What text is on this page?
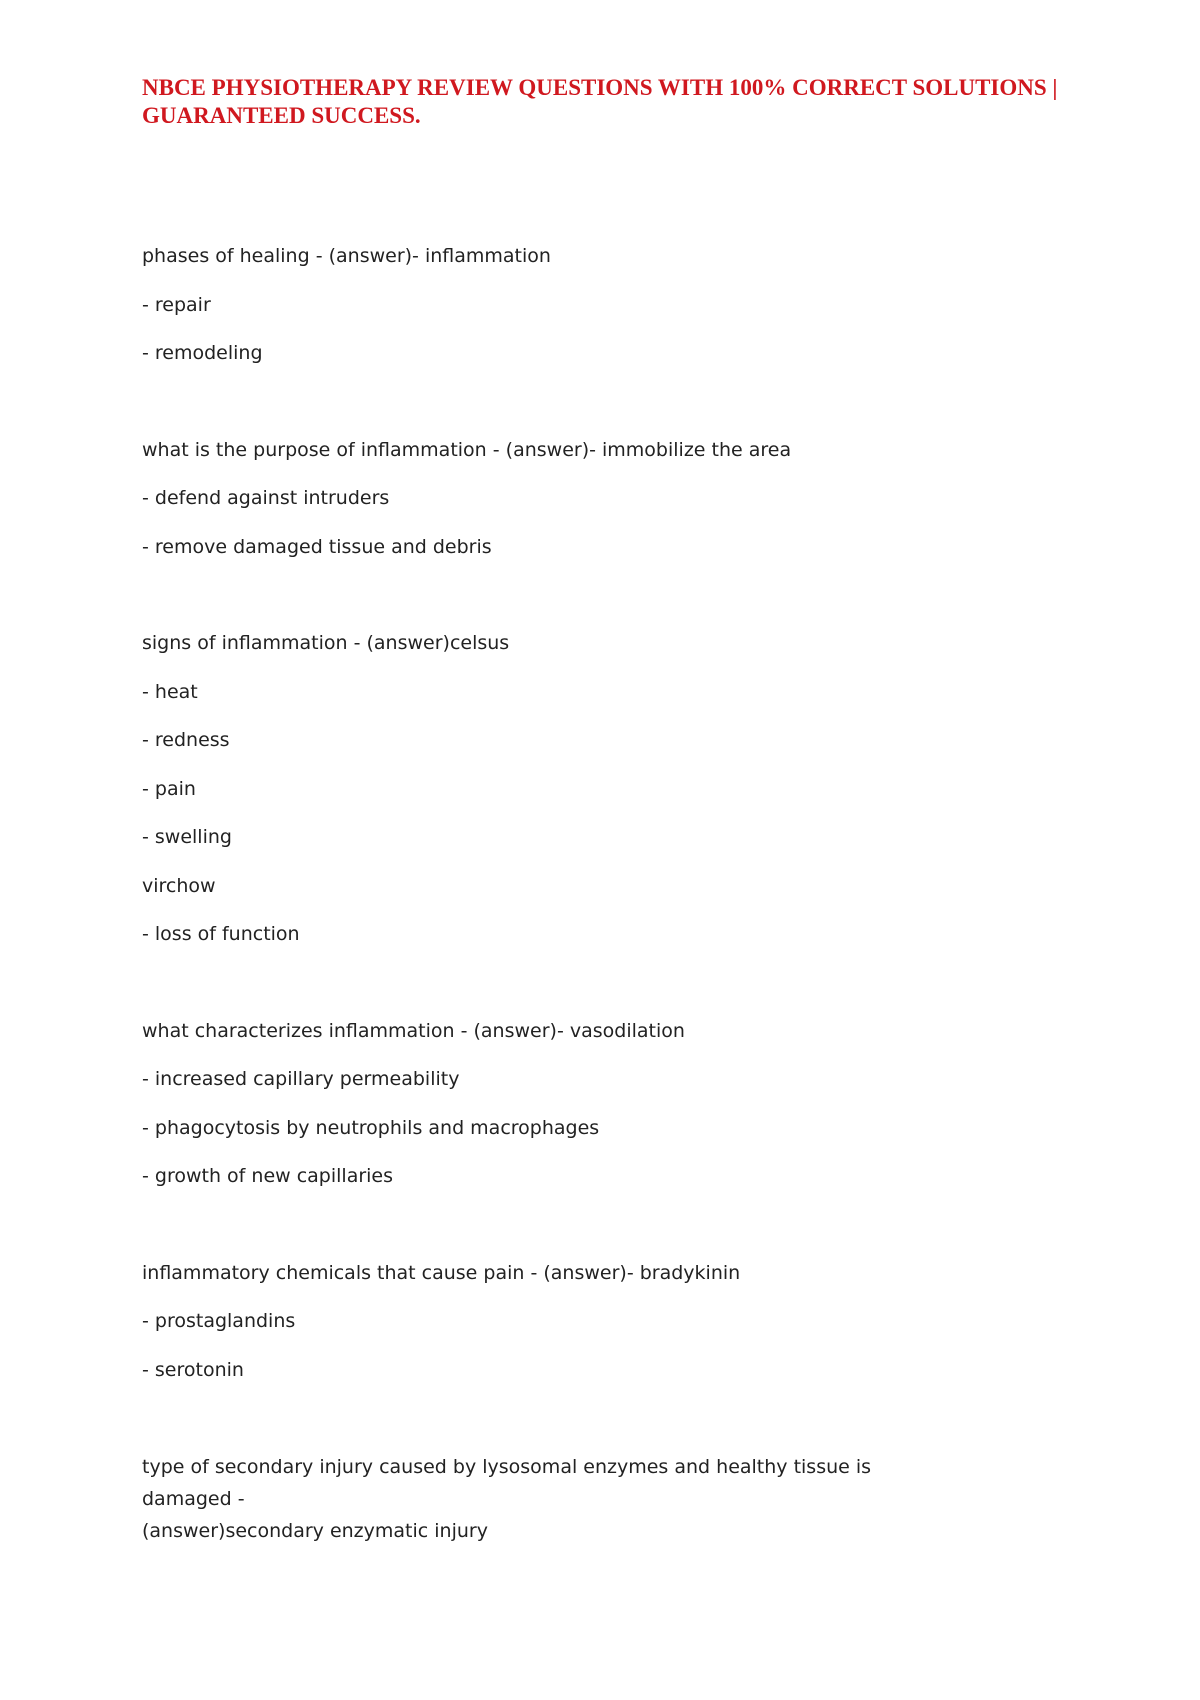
NBCE PHYSIOTHERAPY REVIEW QUESTIONS WITH 100% CORRECT SOLUTIONS |
GUARANTEED SUCCESS.

phases of healing - (answer)- inflammation

- repair

- remodeling

what is the purpose of inflammation - (answer)- immobilize the area

- defend against intruders

- remove damaged tissue and debris

signs of inflammation - (answer)celsus

- heat

- redness

- pain

- swelling

virchow

- loss of function

what characterizes inflammation - (answer)- vasodilation

- increased capillary permeability

- phagocytosis by neutrophils and macrophages

- growth of new capillaries

inflammatory chemicals that cause pain - (answer)- bradykinin

- prostaglandins

- serotonin

type of secondary injury caused by lysosomal enzymes and healthy tissue is damaged -

(answer)secondary enzymatic injury
